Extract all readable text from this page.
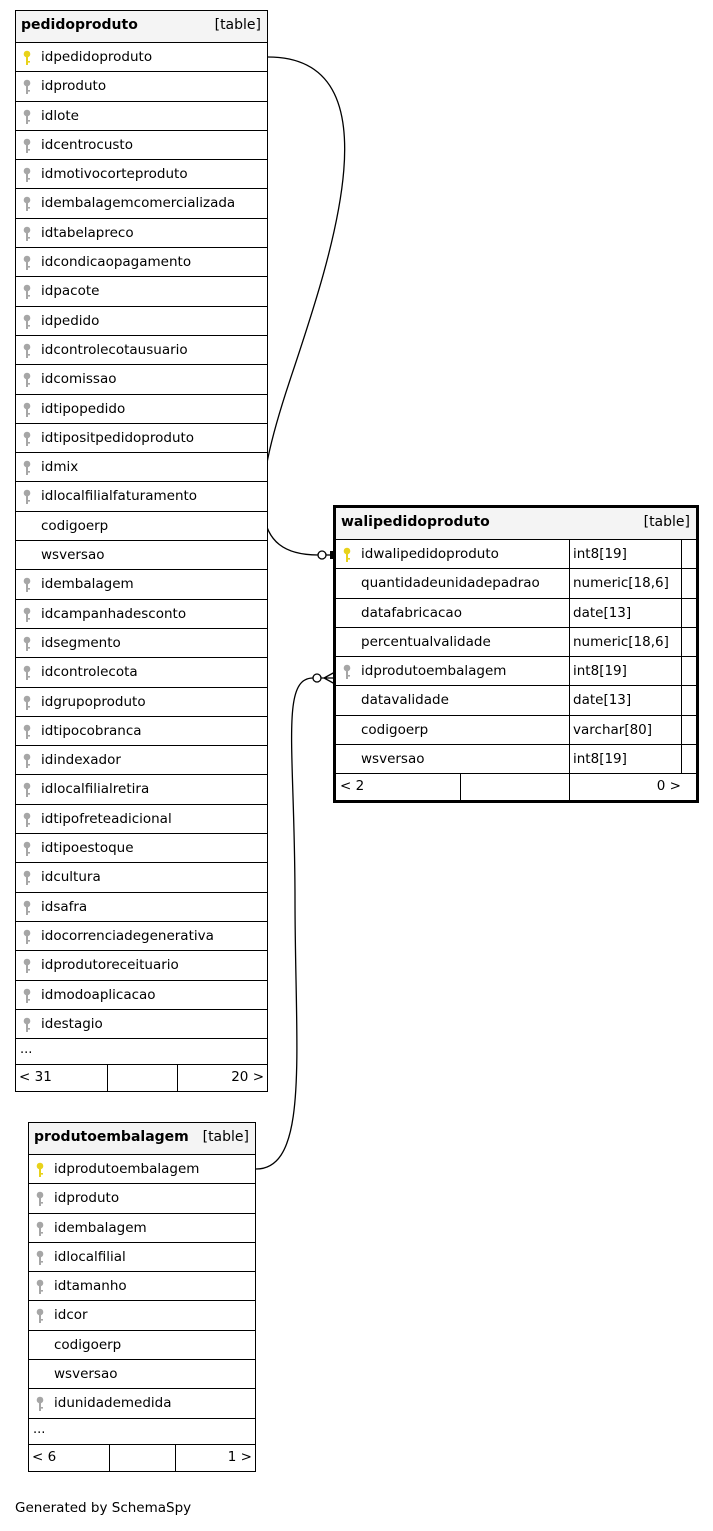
pedidoproduto	[table]
idpedidoproduto
idproduto
idlote
idcentrocusto
idmotivocorteproduto
idembalagemcomercializada
idtabelapreco
idcondicaopagamento
idpacote
idpedido
idcontrolecotausuario
idcomissao
idtipopedido
idtipositpedidoproduto
idmix
idlocalfilialfaturamento
codigoerp
wsversao
idembalagem
idcampanhadesconto
idsegmento
idcontrolecota
idgrupoproduto
idtipocobranca
idindexador
idlocalfilialretira
idtipofreteadicional
idtipoestoque
idcultura
idsafra
idocorrenciadegenerativa
idprodutoreceituario
idmodoaplicacao
idestagio
...
< 31	20 >
walipedidoproduto	[table]
idwalipedidoproduto	int8[19]
quantidadeunidadepadrao numeric[18,6]
datafabricacao	date[13]
percentualvalidade	numeric[18,6]
idprodutoembalagem	int8[19]
datavalidade	date[13]
codigoerp	varchar[80]
wsversao	int8[19]
< 2	0 >
produtoembalagem [table]
idprodutoembalagem
idproduto
idembalagem
idlocalfilial
idtamanho
idcor
codigoerp
wsversao
idunidademedida
...
< 6	1 >
Generated by SchemaSpy
